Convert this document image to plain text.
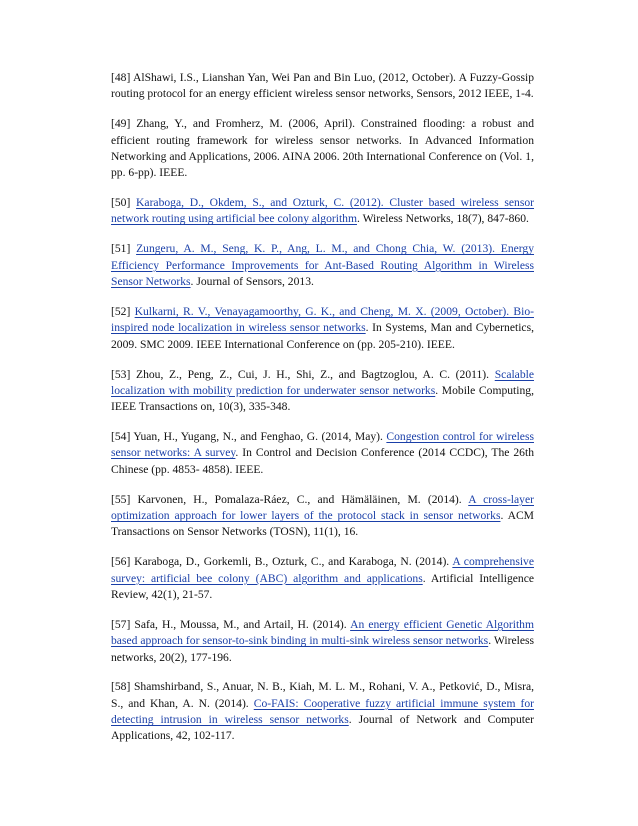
[48] AlShawi, I.S., Lianshan Yan, Wei Pan and Bin Luo, (2012, October). A Fuzzy-Gossip routing protocol for an energy efficient wireless sensor networks, Sensors, 2012 IEEE, 1-4.

[49] Zhang, Y., and Fromherz, M. (2006, April). Constrained flooding: a robust and efficient routing framework for wireless sensor networks. In Advanced Information Networking and Applications, 2006. AINA 2006. 20th International Conference on (Vol. 1, pp. 6-pp). IEEE.

[50] Karaboga, D., Okdem, S., and Ozturk, C. (2012). Cluster based wireless sensor network routing using artificial bee colony algorithm. Wireless Networks, 18(7), 847-860.

[51] Zungeru, A. M., Seng, K. P., Ang, L. M., and Chong Chia, W. (2013). Energy Efficiency Performance Improvements for Ant-Based Routing Algorithm in Wireless Sensor Networks. Journal of Sensors, 2013.

[52] Kulkarni, R. V., Venayagamoorthy, G. K., and Cheng, M. X. (2009, October). Bio-inspired node localization in wireless sensor networks. In Systems, Man and Cybernetics, 2009. SMC 2009. IEEE International Conference on (pp. 205-210). IEEE.

[53] Zhou, Z., Peng, Z., Cui, J. H., Shi, Z., and Bagtzoglou, A. C. (2011). Scalable localization with mobility prediction for underwater sensor networks. Mobile Computing, IEEE Transactions on, 10(3), 335-348.

[54] Yuan, H., Yugang, N., and Fenghao, G. (2014, May). Congestion control for wireless sensor networks: A survey. In Control and Decision Conference (2014 CCDC), The 26th Chinese (pp. 4853- 4858). IEEE.

[55] Karvonen, H., Pomalaza-Ráez, C., and Hämäläinen, M. (2014). A cross-layer optimization approach for lower layers of the protocol stack in sensor networks. ACM Transactions on Sensor Networks (TOSN), 11(1), 16.

[56] Karaboga, D., Gorkemli, B., Ozturk, C., and Karaboga, N. (2014). A comprehensive survey: artificial bee colony (ABC) algorithm and applications. Artificial Intelligence Review, 42(1), 21-57.

[57] Safa, H., Moussa, M., and Artail, H. (2014). An energy efficient Genetic Algorithm based approach for sensor-to-sink binding in multi-sink wireless sensor networks. Wireless networks, 20(2), 177-196.

[58] Shamshirband, S., Anuar, N. B., Kiah, M. L. M., Rohani, V. A., Petković, D., Misra, S., and Khan, A. N. (2014). Co-FAIS: Cooperative fuzzy artificial immune system for detecting intrusion in wireless sensor networks. Journal of Network and Computer Applications, 42, 102-117.
